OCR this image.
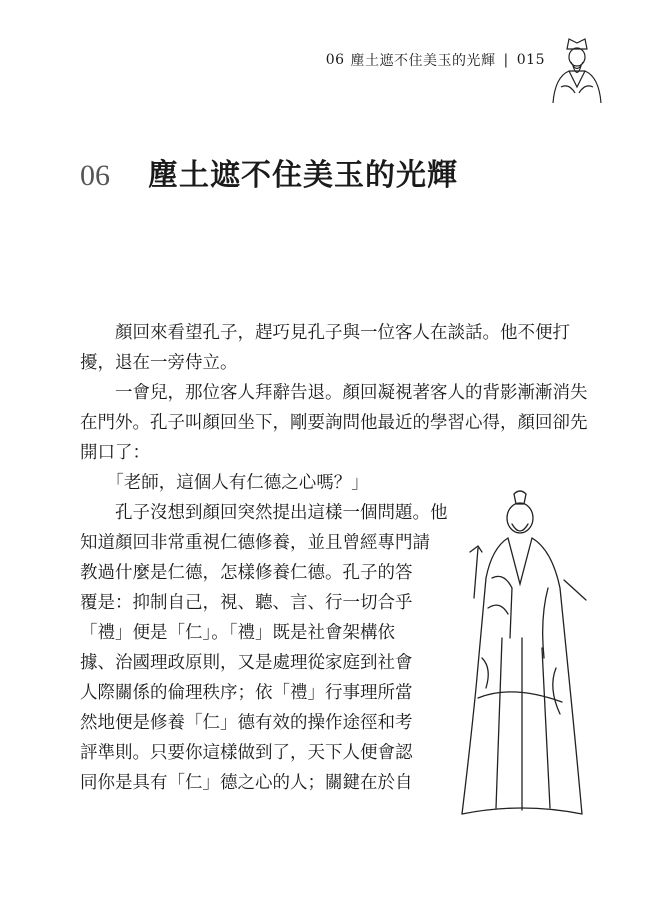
06 塵土遮不住美玉的光輝 | 015
06	塵土遮不住美玉的光輝

　　顏回來看望孔子，趕巧見孔子與一位客人在談話。他不便打

擾，退在一旁侍立。

　　一會兒，那位客人拜辭告退。顏回凝視著客人的背影漸漸消失

在門外。孔子叫顏回坐下，剛要詢問他最近的學習心得，顏回卻先

開口了：

　　「老師，這個人有仁德之心嗎？」

　　孔子沒想到顏回突然提出這樣一個問題。他

知道顏回非常重視仁德修養，並且曾經專門請

教過什麼是仁德，怎樣修養仁德。孔子的答

覆是：抑制自己，視、聽、言、行一切合乎

「禮」便是「仁」。「禮」既是社會架構依

據、治國理政原則，又是處理從家庭到社會

人際關係的倫理秩序；依「禮」行事理所當

然地便是修養「仁」德有效的操作途徑和考

評準則。只要你這樣做到了，天下人便會認

同你是具有「仁」德之心的人；關鍵在於自
